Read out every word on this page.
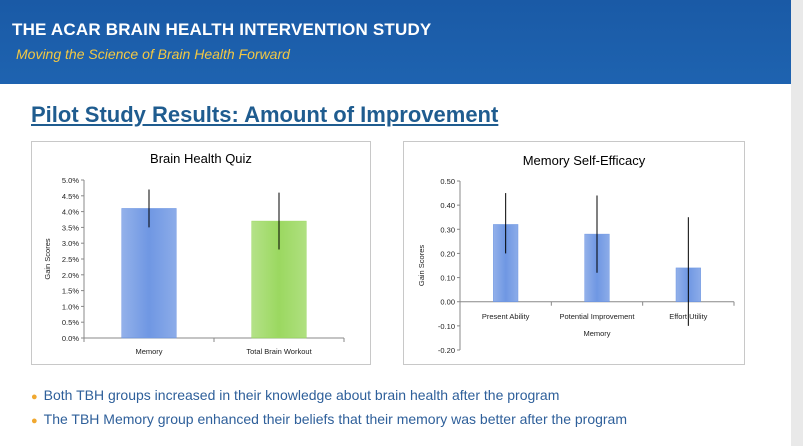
THE ACAR BRAIN HEALTH INTERVENTION STUDY
Moving the Science of Brain Health Forward
Pilot Study Results: Amount of Improvement
Brain Health Quiz
0.0%
0.5%
1.0%
1.5%
2.0%
2.5%
3.0%
3.5%
4.0%
4.5%
5.0%
Gain Scores
Memory	Total Brain Workout
Memory Self-Efficacy
-0.20
-0.10
0.00
0.10
0.20
0.30
0.40
0.50
Gain Scores
Present Ability	Potential Improvement	Effort Utility
Memory
● Both TBH groups increased in their knowledge about brain health after the program
● The TBH Memory group enhanced their beliefs that their memory was better after the program
